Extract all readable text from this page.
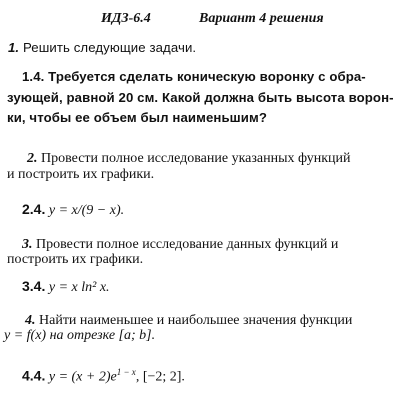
ИДЗ-6.4	Вариант 4 решения
1. Решить следующие задачи.
1.4. Требуется сделать коническую воронку с обра-
зующей, равной 20 см. Какой должна быть высота ворон-
ки, чтобы ее объем был наименьшим?
2. Провести полное исследование указанных функций
и построить их графики.
2.4. y = x/(9 − x).
3. Провести полное исследование данных функций и
построить их графики.
3.4. y = x ln² x.
4. Найти наименьшее и наибольшее значения функции
y = f(x) на отрезке [a; b].
4.4. $y = (x + 2)e^{1 - x}$, [−2; 2].
